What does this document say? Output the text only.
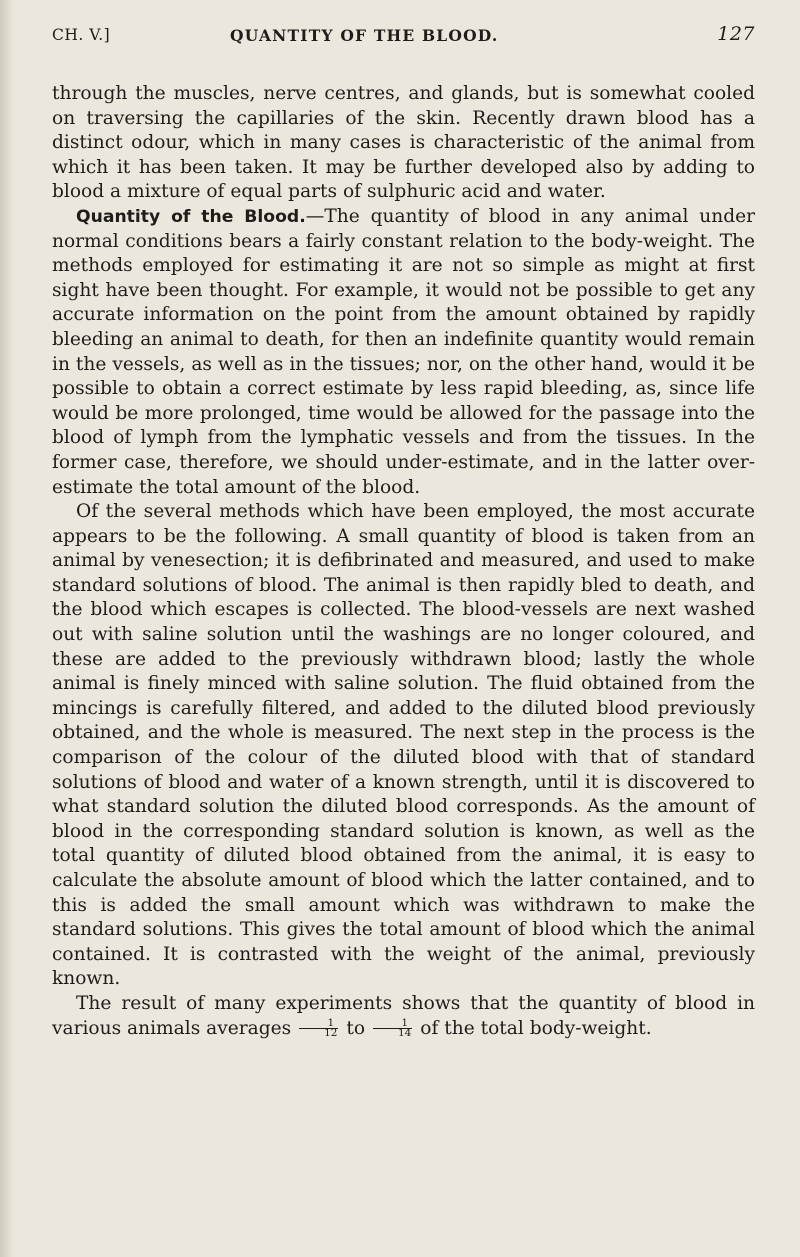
CH. V.]	QUANTITY OF THE BLOOD.	127

through the muscles, nerve centres, and glands, but is somewhat cooled on traversing the capillaries of the skin. Recently drawn blood has a distinct odour, which in many cases is characteristic of the animal from which it has been taken. It may be further developed also by adding to blood a mixture of equal parts of sulphuric acid and water.

Quantity of the Blood.—The quantity of blood in any animal under normal conditions bears a fairly constant relation to the body-weight. The methods employed for estimating it are not so simple as might at first sight have been thought. For example, it would not be possible to get any accurate information on the point from the amount obtained by rapidly bleeding an animal to death, for then an indefinite quantity would remain in the vessels, as well as in the tissues; nor, on the other hand, would it be possible to obtain a correct estimate by less rapid bleeding, as, since life would be more prolonged, time would be allowed for the passage into the blood of lymph from the lymphatic vessels and from the tissues. In the former case, therefore, we should under-estimate, and in the latter over-estimate the total amount of the blood.

Of the several methods which have been employed, the most accurate appears to be the following. A small quantity of blood is taken from an animal by venesection; it is defibrinated and measured, and used to make standard solutions of blood. The animal is then rapidly bled to death, and the blood which escapes is collected. The blood-vessels are next washed out with saline solution until the washings are no longer coloured, and these are added to the previously withdrawn blood; lastly the whole animal is finely minced with saline solution. The fluid obtained from the mincings is carefully filtered, and added to the diluted blood previously obtained, and the whole is measured. The next step in the process is the comparison of the colour of the diluted blood with that of standard solutions of blood and water of a known strength, until it is discovered to what standard solution the diluted blood corresponds. As the amount of blood in the corresponding standard solution is known, as well as the total quantity of diluted blood obtained from the animal, it is easy to calculate the absolute amount of blood which the latter contained, and to this is added the small amount which was withdrawn to make the standard solutions. This gives the total amount of blood which the animal contained. It is contrasted with the weight of the animal, previously known.

The result of many experiments shows that the quantity of blood in various animals averages $\frac{1}{12}$ to $\frac{1}{14}$ of the total body-weight.
